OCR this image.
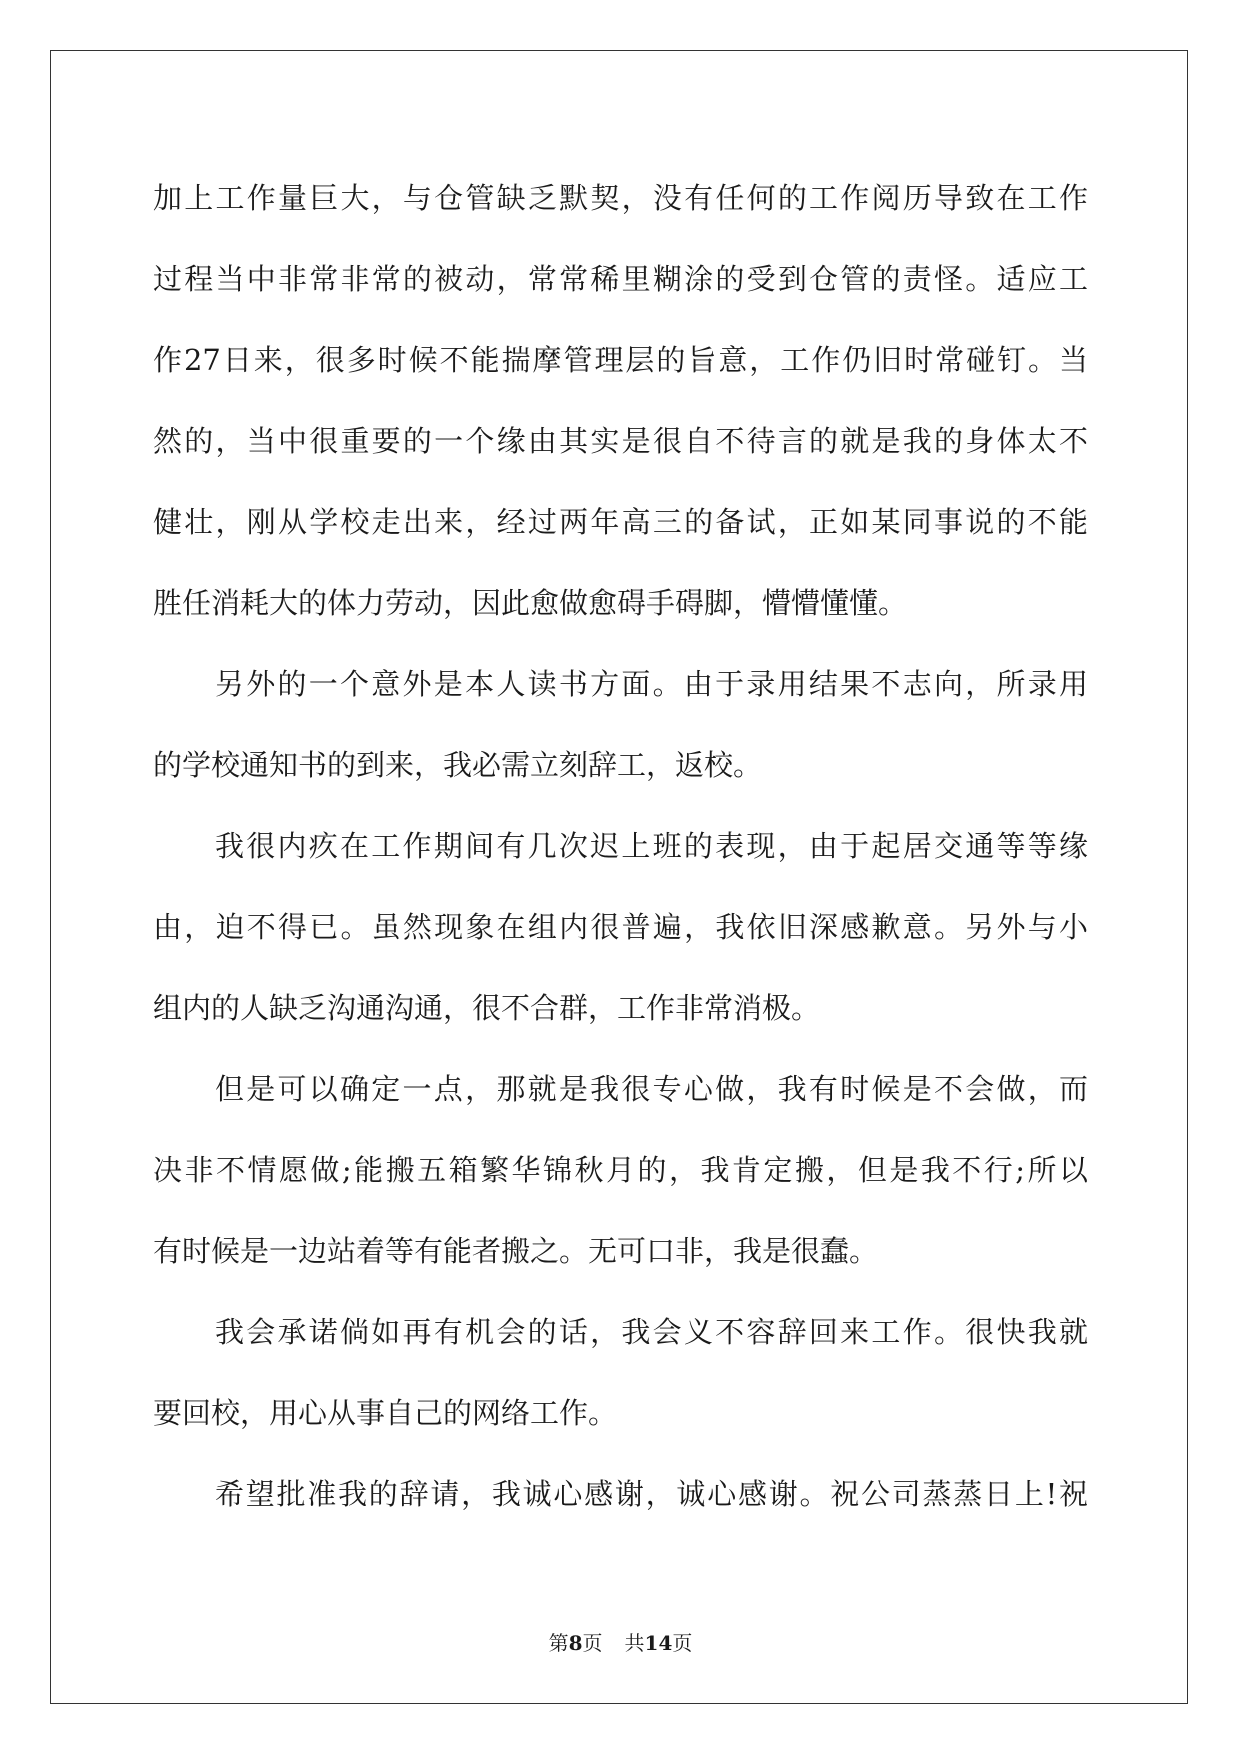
加上工作量巨大，与仓管缺乏默契，没有任何的工作阅历导致在工作
过程当中非常非常的被动，常常稀里糊涂的受到仓管的责怪。适应工
作27日来，很多时候不能揣摩管理层的旨意，工作仍旧时常碰钉。当
然的，当中很重要的一个缘由其实是很自不待言的就是我的身体太不
健壮，刚从学校走出来，经过两年高三的备试，正如某同事说的不能
胜任消耗大的体力劳动，因此愈做愈碍手碍脚，懵懵懂懂。
另外的一个意外是本人读书方面。由于录用结果不志向，所录用
的学校通知书的到来，我必需立刻辞工，返校。
我很内疚在工作期间有几次迟上班的表现，由于起居交通等等缘
由，迫不得已。虽然现象在组内很普遍，我依旧深感歉意。另外与小
组内的人缺乏沟通沟通，很不合群，工作非常消极。
但是可以确定一点，那就是我很专心做，我有时候是不会做，而
决非不情愿做;能搬五箱繁华锦秋月的，我肯定搬，但是我不行;所以
有时候是一边站着等有能者搬之。无可口非，我是很蠢。
我会承诺倘如再有机会的话，我会义不容辞回来工作。很快我就
要回校，用心从事自己的网络工作。
希望批准我的辞请，我诚心感谢，诚心感谢。祝公司蒸蒸日上!祝
第8页 共14页
